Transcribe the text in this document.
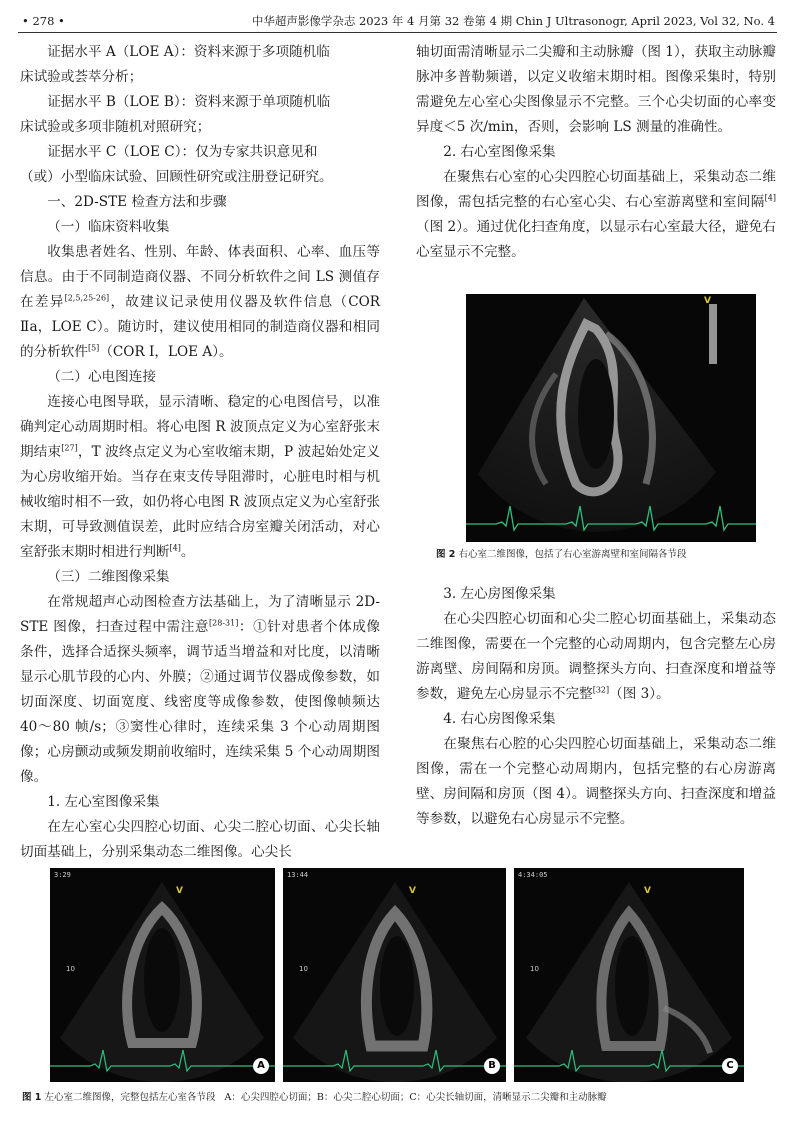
• 278 •	中华超声影像学杂志 2023 年 4 月第 32 卷第 4 期 Chin J Ultrasonogr, April 2023, Vol 32, No. 4

证据水平 A（LOE A）：资料来源于多项随机临

床试验或荟萃分析；

证据水平 B（LOE B）：资料来源于单项随机临

床试验或多项非随机对照研究；

证据水平 C（LOE C）：仅为专家共识意见和

（或）小型临床试验、回顾性研究或注册登记研究。

一、2D-STE 检查方法和步骤

（一）临床资料收集

收集患者姓名、性别、年龄、体表面积、心率、血压等信息。由于不同制造商仪器、不同分析软件之间 LS 测值存在差异[2,5,25-26]，故建议记录使用仪器及软件信息（COR Ⅱa，LOE C）。随访时，建议使用相同的制造商仪器和相同的分析软件[5]（COR Ⅰ，LOE A）。

（二）心电图连接

连接心电图导联，显示清晰、稳定的心电图信号，以准确判定心动周期时相。将心电图 R 波顶点定义为心室舒张末期结束[27]，T 波终点定义为心室收缩末期，P 波起始处定义为心房收缩开始。当存在束支传导阻滞时，心脏电时相与机械收缩时相不一致，如仍将心电图 R 波顶点定义为心室舒张末期，可导致测值误差，此时应结合房室瓣关闭活动，对心室舒张末期时相进行判断[4]。

（三）二维图像采集

在常规超声心动图检查方法基础上，为了清晰显示 2D-STE 图像，扫查过程中需注意[28-31]：①针对患者个体成像条件，选择合适探头频率，调节适当增益和对比度，以清晰显示心肌节段的心内、外膜；②通过调节仪器成像参数，如切面深度、切面宽度、线密度等成像参数，使图像帧频达 40～80 帧/s；③窦性心律时，连续采集 3 个心动周期图像；心房颤动或频发期前收缩时，连续采集 5 个心动周期图像。

1. 左心室图像采集

在左心室心尖四腔心切面、心尖二腔心切面、心尖长轴切面基础上，分别采集动态二维图像。心尖长

轴切面需清晰显示二尖瓣和主动脉瓣（图 1），获取主动脉瓣脉冲多普勒频谱，以定义收缩末期时相。图像采集时，特别需避免左心室心尖图像显示不完整。三个心尖切面的心率变异度＜5 次/min，否则，会影响 LS 测量的准确性。

2. 右心室图像采集

在聚焦右心室的心尖四腔心切面基础上，采集动态二维图像，需包括完整的右心室心尖、右心室游离壁和室间隔[4]（图 2）。通过优化扫查角度，以显示右心室最大径，避免右心室显示不完整。

3. 左心房图像采集

在心尖四腔心切面和心尖二腔心切面基础上，采集动态二维图像，需要在一个完整的心动周期内，包含完整左心房游离壁、房间隔和房顶。调整探头方向、扫查深度和增益等参数，避免左心房显示不完整[32]（图 3）。

4. 右心房图像采集

在聚焦右心腔的心尖四腔心切面基础上，采集动态二维图像，需在一个完整心动周期内，包括完整的右心房游离壁、房间隔和房顶（图 4）。调整探头方向、扫查深度和增益等参数，以避免右心房显示不完整。

V
图 2 右心室二维图像，包括了右心室游离壁和室间隔各节段
3:29
10
V
A
13:44
10
V
B
4:34:05
10
V
C
图 1 左心室二维图像，完整包括左心室各节段 A：心尖四腔心切面；B：心尖二腔心切面；C：心尖长轴切面，清晰显示二尖瓣和主动脉瓣
